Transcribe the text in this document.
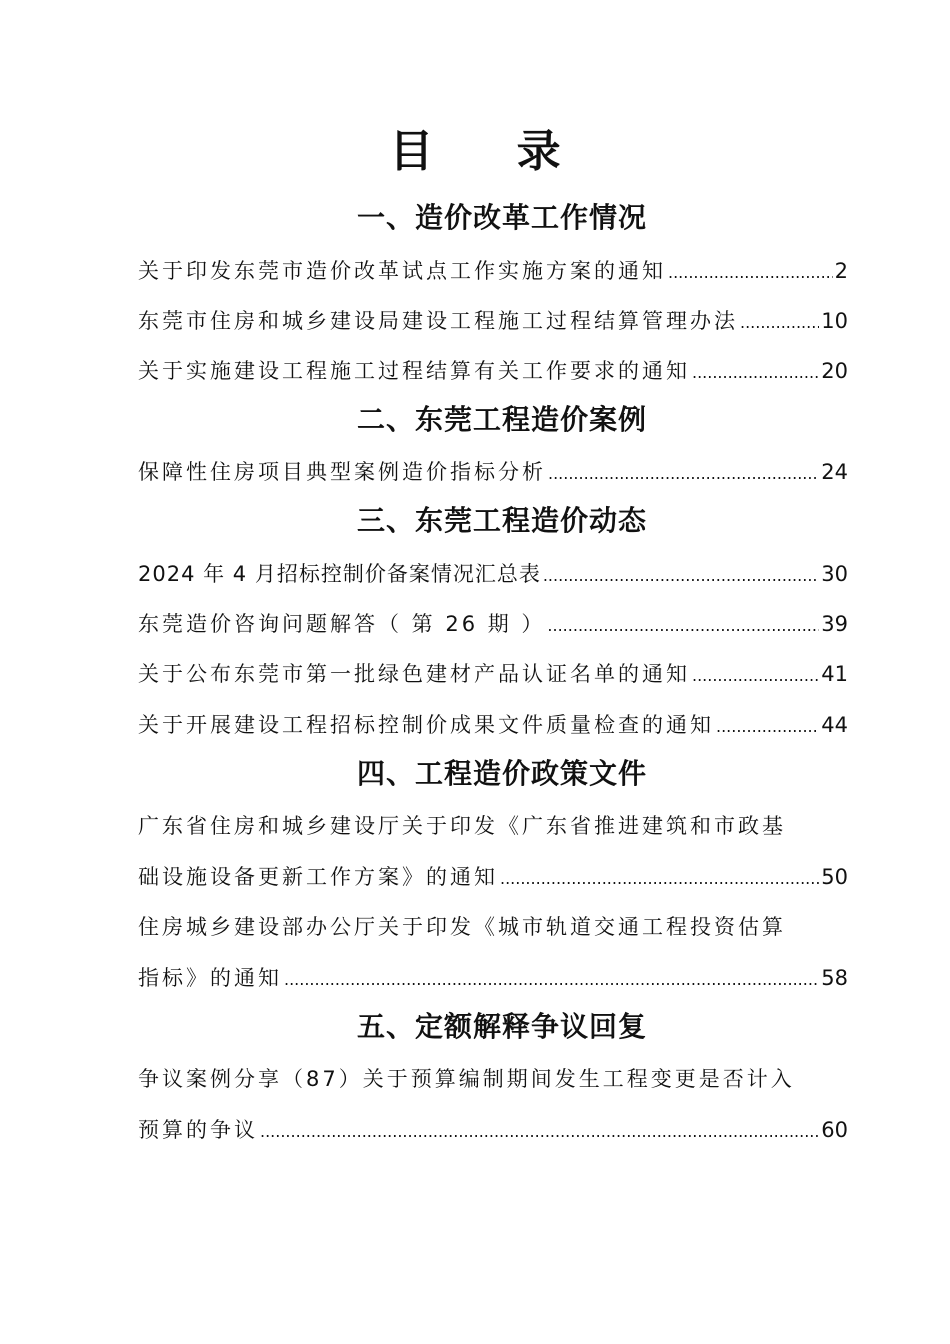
目 录
一、造价改革工作情况
关于印发东莞市造价改革试点工作实施方案的通知 .....	2
东莞市住房和城乡建设局建设工程施工过程结算管理办法 .....	10
关于实施建设工程施工过程结算有关工作要求的通知 .....	20
二、东莞工程造价案例
保障性住房项目典型案例造价指标分析 .....	24
三、东莞工程造价动态
2024 年 4 月招标控制价备案情况汇总表 .....	30
东莞造价咨询问题解答（ 第 26 期 ） .....	39
关于公布东莞市第一批绿色建材产品认证名单的通知 .....	41
关于开展建设工程招标控制价成果文件质量检查的通知 .....	44
四、工程造价政策文件
广东省住房和城乡建设厅关于印发《广东省推进建筑和市政基
础设施设备更新工作方案》的通知 .....	50
住房城乡建设部办公厅关于印发《城市轨道交通工程投资估算
指标》的通知 .....	58
五、定额解释争议回复
争议案例分享（87）关于预算编制期间发生工程变更是否计入
预算的争议 .....	60
